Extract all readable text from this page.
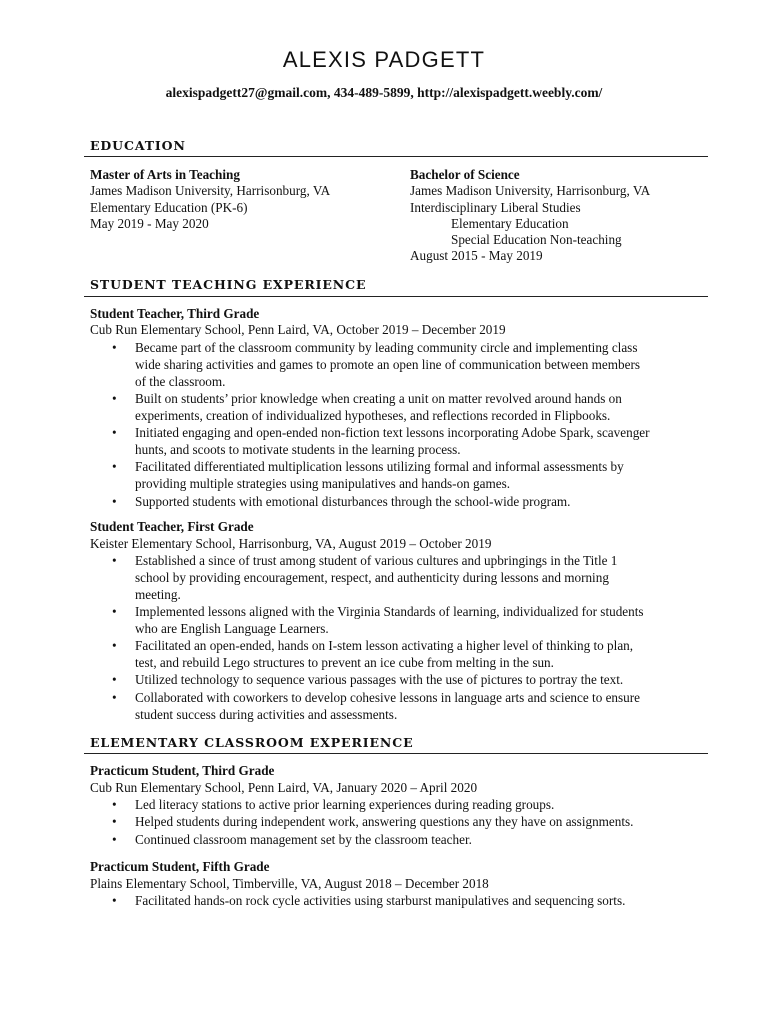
ALEXIS PADGETT
alexispadgett27@gmail.com, 434-489-5899, http://alexispadgett.weebly.com/
EDUCATION
Master of Arts in Teaching
James Madison University, Harrisonburg, VA
Elementary Education (PK-6)
May 2019 - May 2020
Bachelor of Science
James Madison University, Harrisonburg, VA
Interdisciplinary Liberal Studies
Elementary Education
Special Education Non-teaching
August 2015 - May 2019
STUDENT TEACHING EXPERIENCE
Student Teacher, Third Grade
Cub Run Elementary School, Penn Laird, VA, October 2019 – December 2019
• Became part of the classroom community by leading community circle and implementing class
wide sharing activities and games to promote an open line of communication between members
of the classroom.
• Built on students’ prior knowledge when creating a unit on matter revolved around hands on
experiments, creation of individualized hypotheses, and reflections recorded in Flipbooks.
• Initiated engaging and open-ended non-fiction text lessons incorporating Adobe Spark, scavenger
hunts, and scoots to motivate students in the learning process.
• Facilitated differentiated multiplication lessons utilizing formal and informal assessments by
providing multiple strategies using manipulatives and hands-on games.
• Supported students with emotional disturbances through the school-wide program.
Student Teacher, First Grade
Keister Elementary School, Harrisonburg, VA, August 2019 – October 2019
• Established a since of trust among student of various cultures and upbringings in the Title 1
school by providing encouragement, respect, and authenticity during lessons and morning
meeting.
• Implemented lessons aligned with the Virginia Standards of learning, individualized for students
who are English Language Learners.
• Facilitated an open-ended, hands on I-stem lesson activating a higher level of thinking to plan,
test, and rebuild Lego structures to prevent an ice cube from melting in the sun.
• Utilized technology to sequence various passages with the use of pictures to portray the text.
• Collaborated with coworkers to develop cohesive lessons in language arts and science to ensure
student success during activities and assessments.
ELEMENTARY CLASSROOM EXPERIENCE
Practicum Student, Third Grade
Cub Run Elementary School, Penn Laird, VA, January 2020 – April 2020
• Led literacy stations to active prior learning experiences during reading groups.
• Helped students during independent work, answering questions any they have on assignments.
• Continued classroom management set by the classroom teacher.
Practicum Student, Fifth Grade
Plains Elementary School, Timberville, VA, August 2018 – December 2018
• Facilitated hands-on rock cycle activities using starburst manipulatives and sequencing sorts.
